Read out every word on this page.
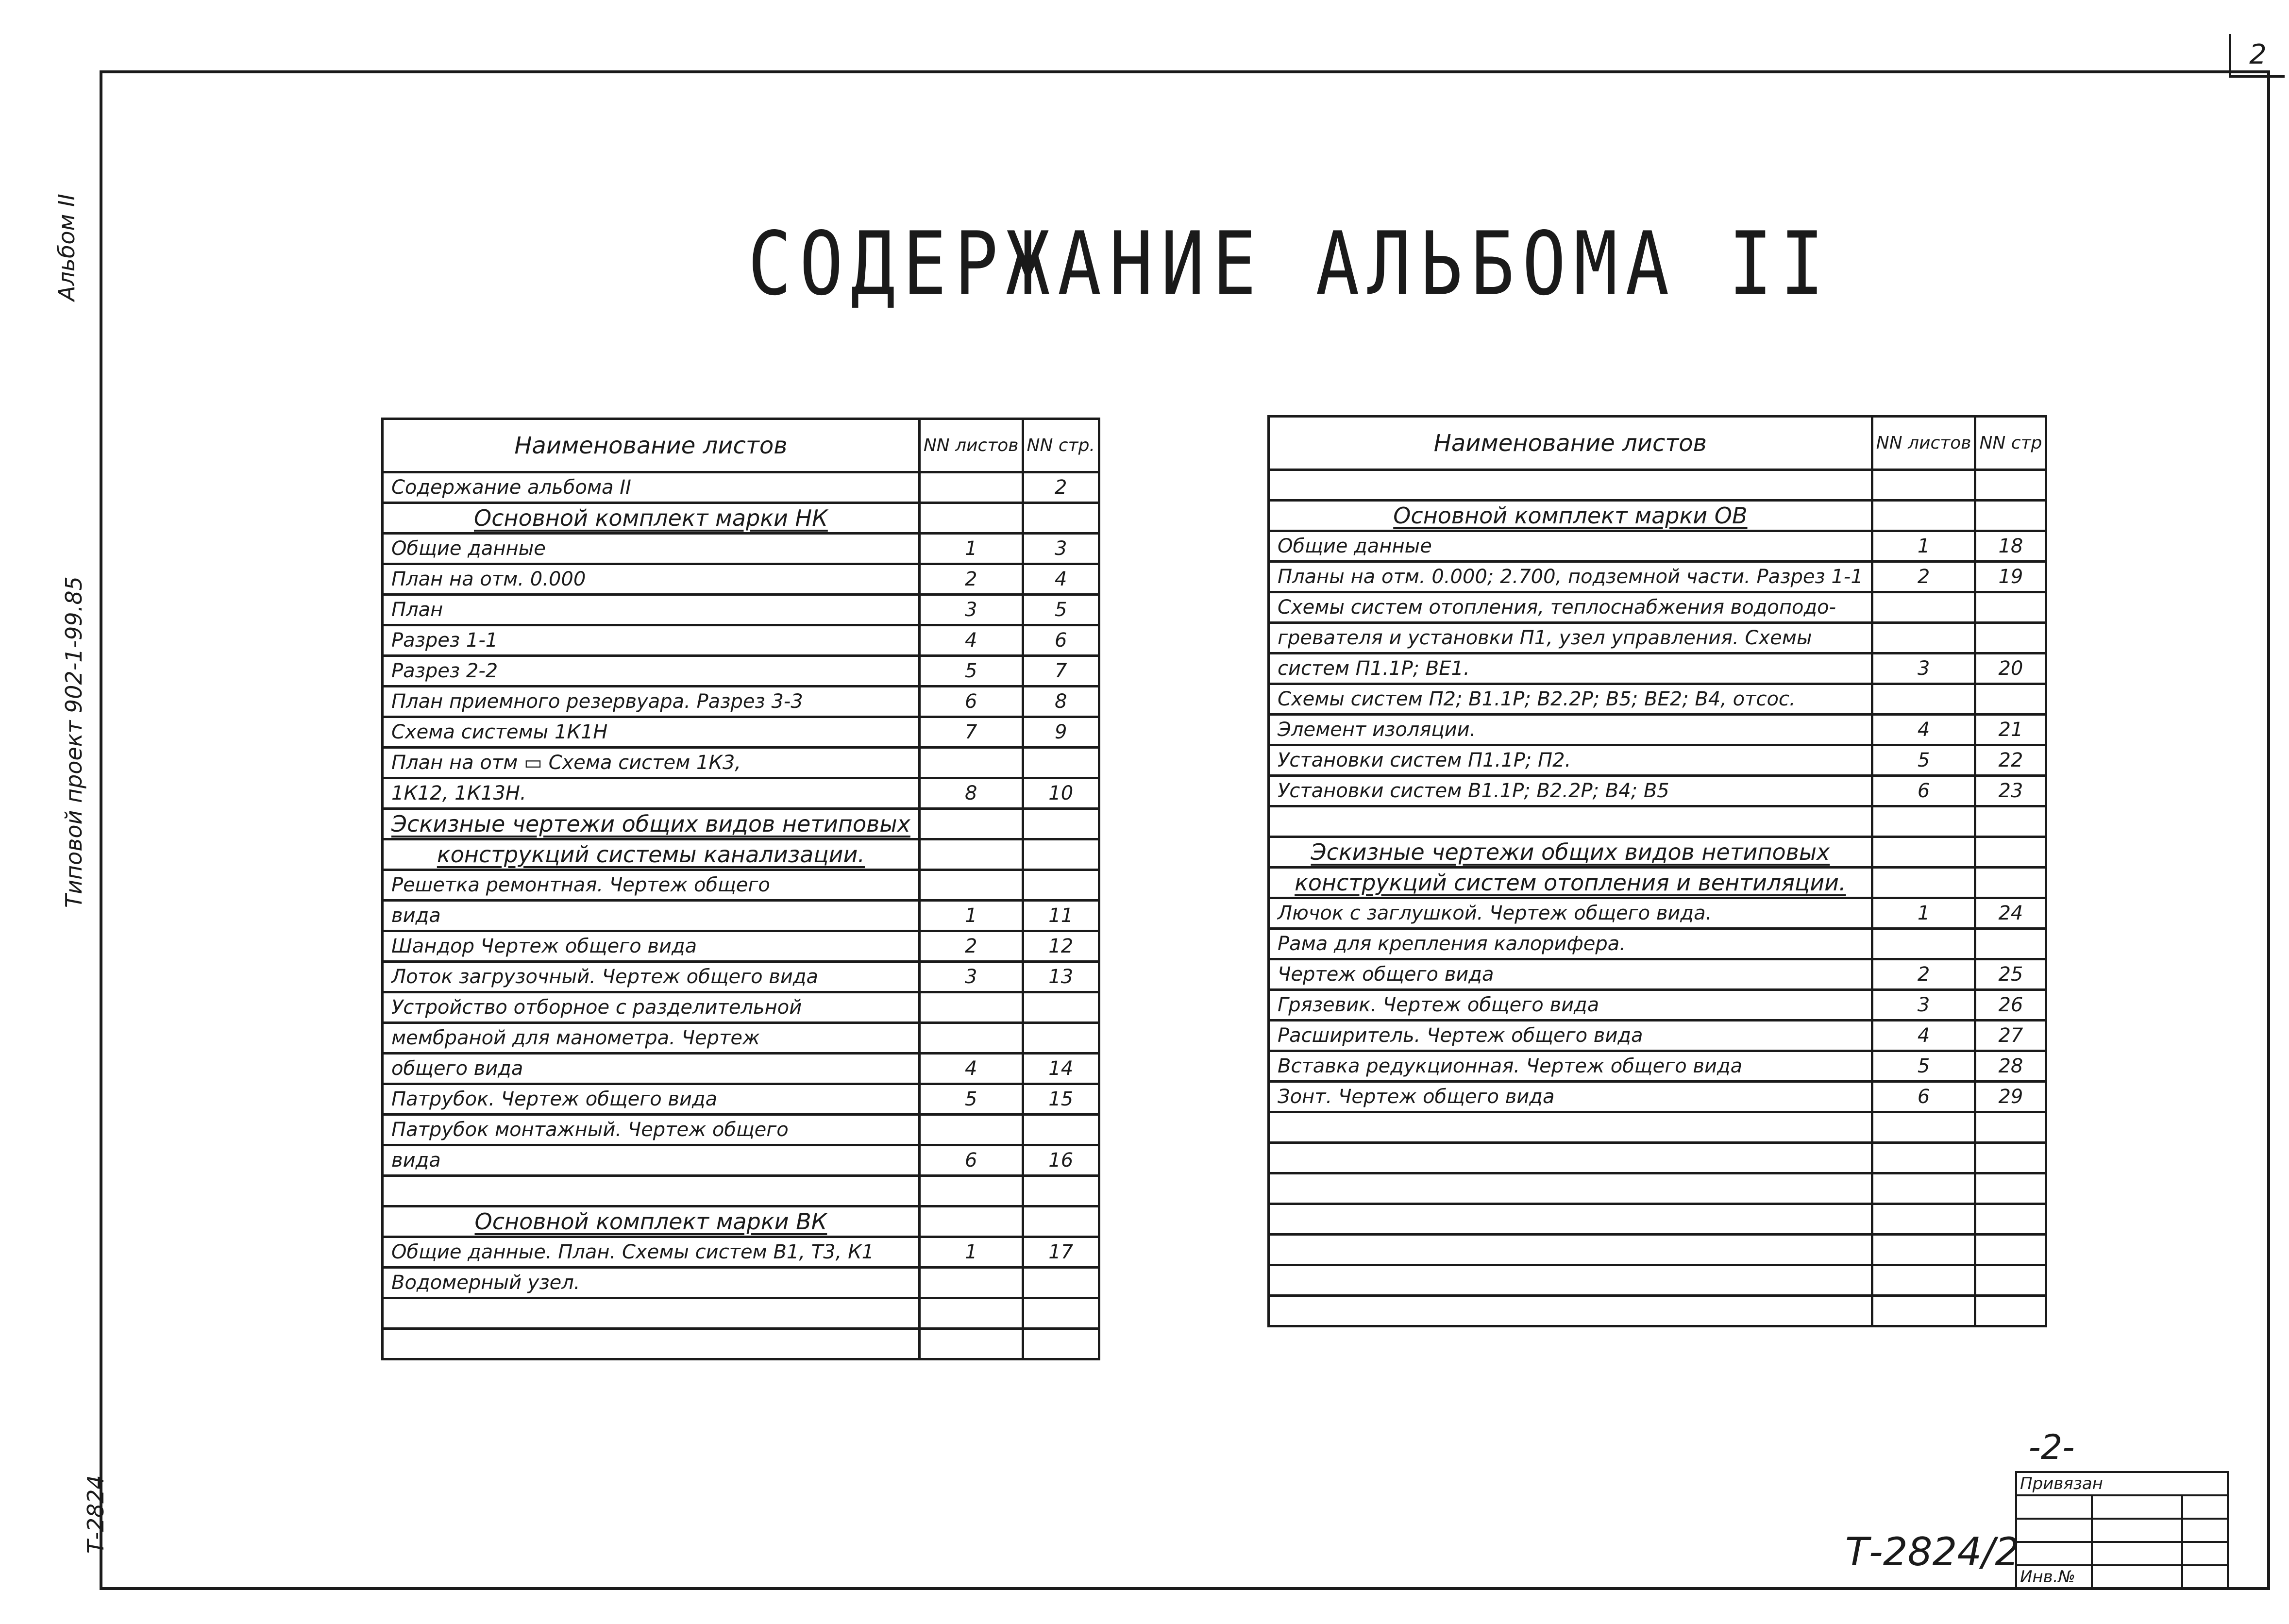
2
Альбом II
Типовой проект 902-1-99.85
Т-2824
СОДЕРЖАНИЕ АЛЬБОМА II
Наименование листов	NN листов	NN стр.
Содержание альбома II		2
Основной комплект марки НК		
Общие данные	1	3
План на отм. 0.000	2	4
План	3	5
Разрез 1-1	4	6
Разрез 2-2	5	7
План приемного резервуара. Разрез 3-3	6	8
Схема системы 1К1Н	7	9
План на отм ▭ Схема систем 1К3,		
1К12, 1К13Н.	8	10
Эскизные чертежи общих видов нетиповых		
конструкций системы канализации.		
Решетка ремонтная. Чертеж общего		
вида	1	11
Шандор Чертеж общего вида	2	12
Лоток загрузочный. Чертеж общего вида	3	13
Устройство отборное с разделительной		
мембраной для манометра. Чертеж		
общего вида	4	14
Патрубок. Чертеж общего вида	5	15
Патрубок монтажный. Чертеж общего		
вида	6	16

Основной комплект марки ВК		
Общие данные. План. Схемы систем В1, Т3, К1	1	17
Водомерный узел.		

Наименование листов	NN листов	NN стр

Основной комплект марки ОВ		
Общие данные	1	18
Планы на отм. 0.000; 2.700, подземной части. Разрез 1-1	2	19
Схемы систем отопления, теплоснабжения водоподо-		
гревателя и установки П1, узел управления. Схемы		
систем П1.1Р; ВЕ1.	3	20
Схемы систем П2; В1.1Р; В2.2Р; В5; ВЕ2; В4, отсос.		
Элемент изоляции.	4	21
Установки систем П1.1Р; П2.	5	22
Установки систем В1.1Р; В2.2Р; В4; В5	6	23

Эскизные чертежи общих видов нетиповых		
конструкций систем отопления и вентиляции.		
Лючок с заглушкой. Чертеж общего вида.	1	24
Рама для крепления калорифера.		
Чертеж общего вида	2	25
Грязевик. Чертеж общего вида	3	26
Расширитель. Чертеж общего вида	4	27
Вставка редукционная. Чертеж общего вида	5	28
Зонт. Чертеж общего вида	6	29

-2-
Привязан		

Инв.№		
Т-2824/2
